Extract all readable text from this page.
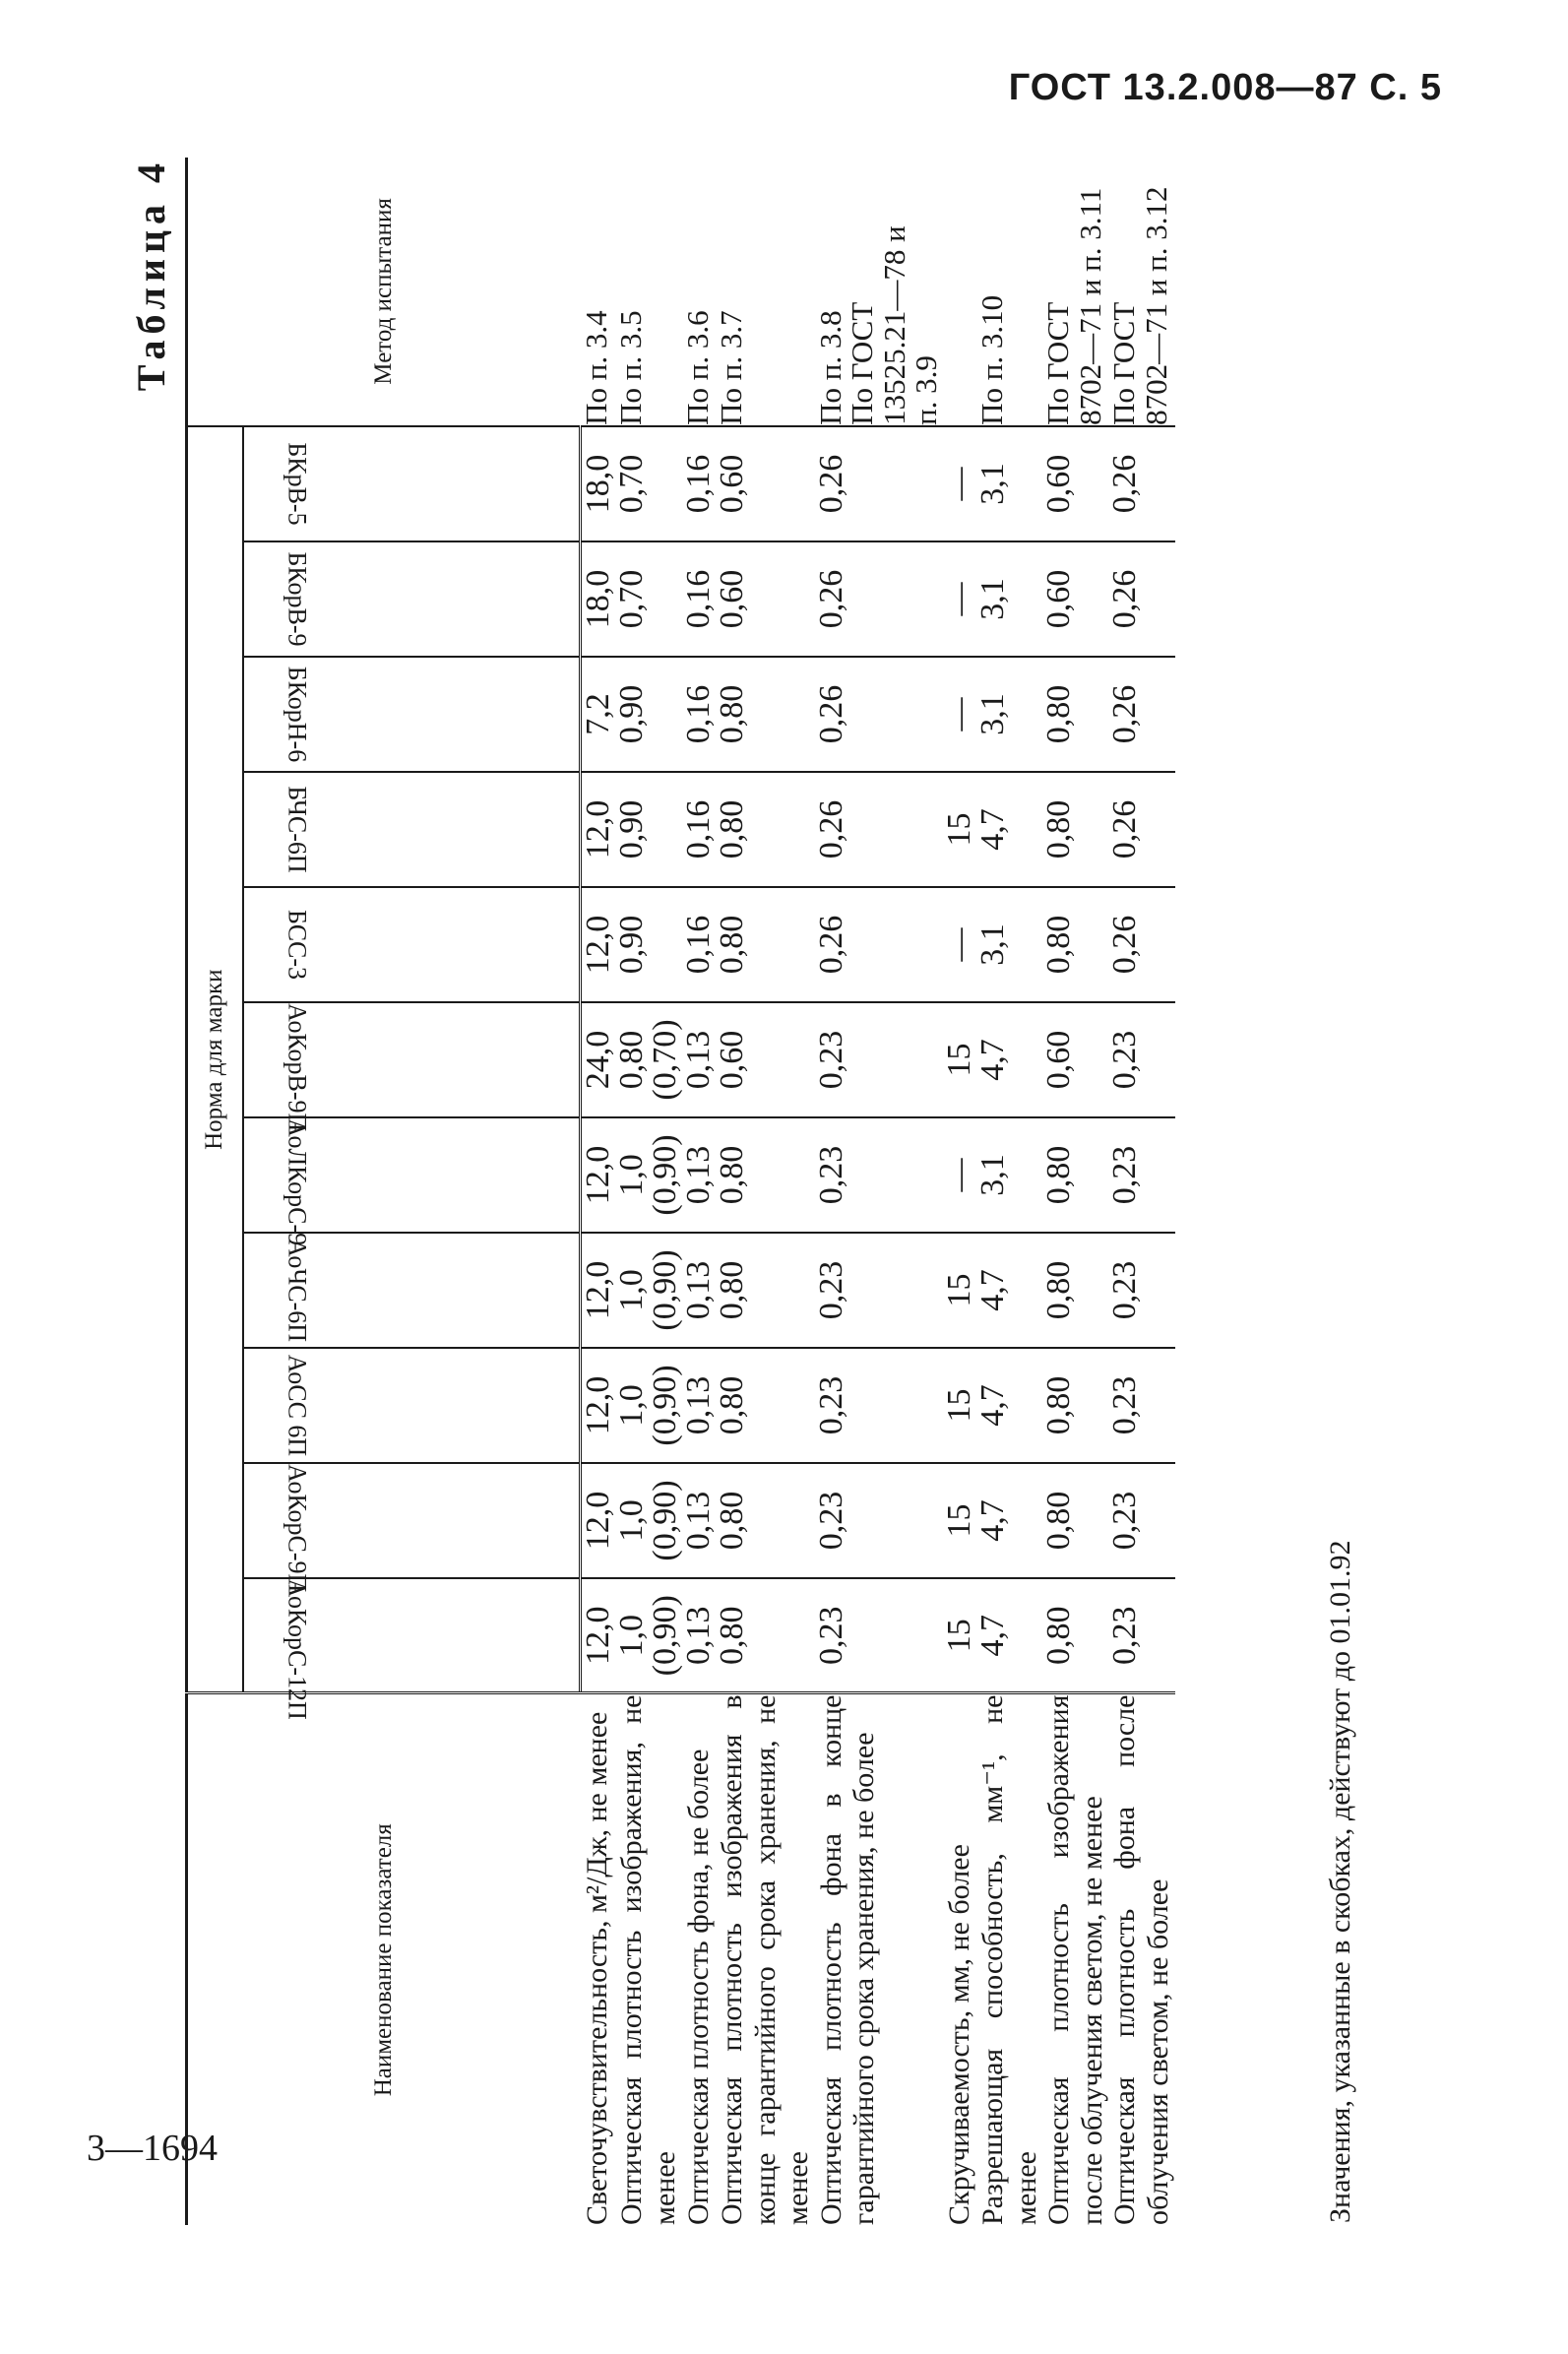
ГОСТ 13.2.008—87 С. 5
3—1694
Таблица 4
Наименование показателя	Норма для марки											Метод испытания

	АоКорС-12П	АоКорС-9П	АоСС 6П	АоЧС-6П	АоЛКорС-9	АоКорВ-9П	БСС-3	БЧС-6П	БКорН-6	БКорВ-9	БКрВ-5	

Светочувствительность, м²/Дж, не менее	12,0	12,0	12,0	12,0	12,0	24,0	12,0	12,0	7,2	18,0	18,0	По п. 3.4

Оптическая плотность изображения, не менее	1,0 (0,90)	1,0 (0,90)	1,0 (0,90)	1,0 (0,90)	1,0 (0,90)	0,80 (0,70)	0,90	0,90	0,90	0,70	0,70	По п. 3.5

Оптическая плотность фона, не более	0,13	0,13	0,13	0,13	0,13	0,13	0,16	0,16	0,16	0,16	0,16	По п. 3.6

Оптическая плотность изображения в конце гарантийного срока хранения, не менее	0,80	0,80	0,80	0,80	0,80	0,60	0,80	0,80	0,80	0,60	0,60	По п. 3.7

Оптическая плотность фона в конце гарантийного срока хранения, не более	0,23	0,23	0,23	0,23	0,23	0,23	0,26	0,26	0,26	0,26	0,26	По п. 3.8
По ГОСТ
13525.21—78 и
п. 3.9

Скручиваемость, мм, не более	15	15	15	15	—	15	—	15	—	—	—	
Разрешающая способность, мм⁻¹, не менее	4,7	4,7	4,7	4,7	3,1	4,7	3,1	4,7	3,1	3,1	3,1	По п. 3.10

Оптическая плотность изображения после облучения светом, не менее	0,80	0,80	0,80	0,80	0,80	0,60	0,80	0,80	0,80	0,60	0,60	По ГОСТ
8702—71 и п. 3.11

Оптическая плотность фона после облучения светом, не более	0,23	0,23	0,23	0,23	0,23	0,23	0,26	0,26	0,26	0,26	0,26	По ГОСТ
8702—71 и п. 3.12
Значения, указанные в скобках, действуют до 01.01.92
